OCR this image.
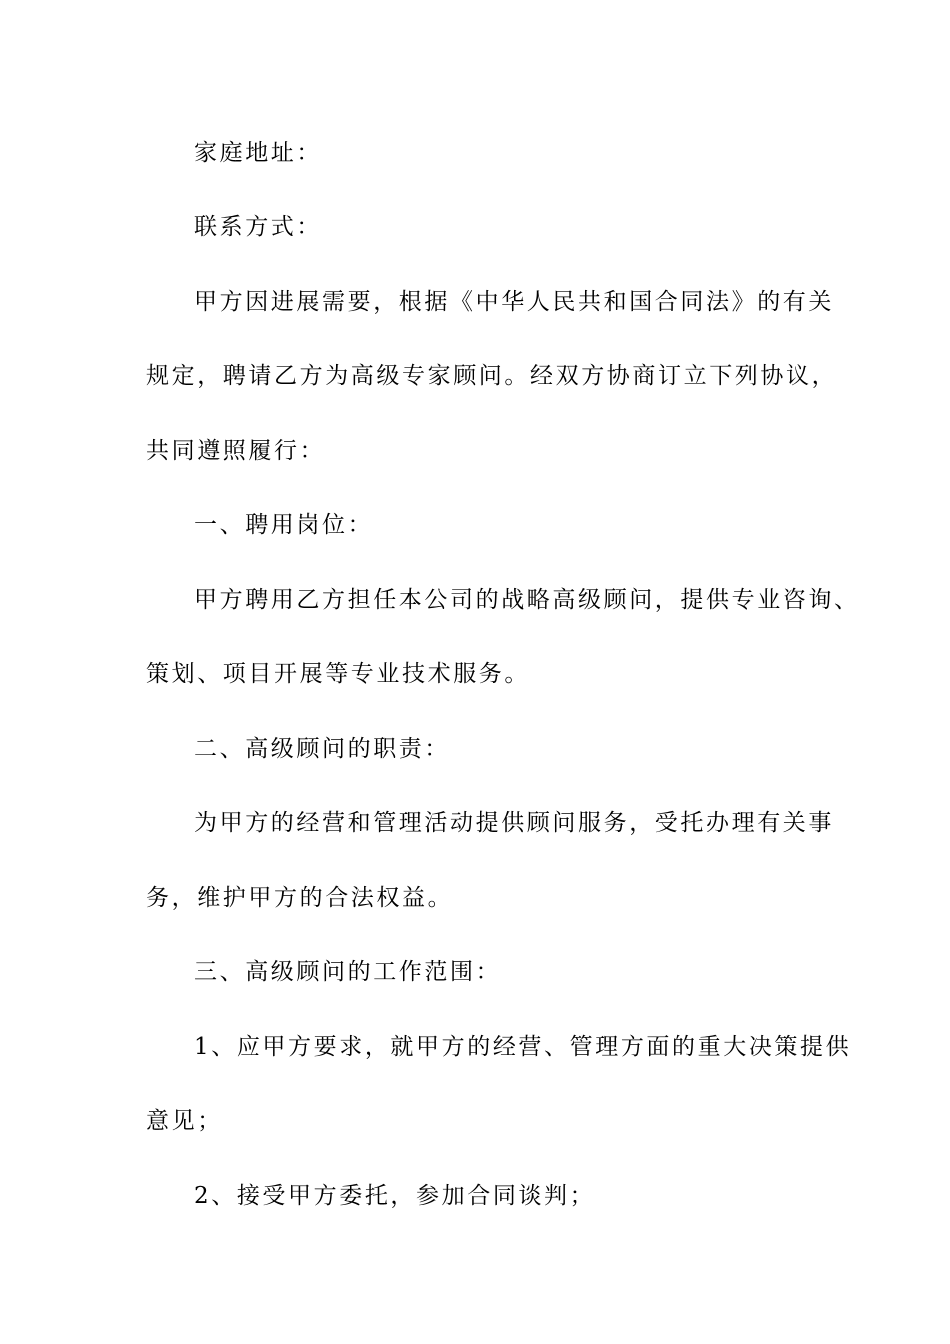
家庭地址：
联系方式：
甲方因进展需要，根据《中华人民共和国合同法》的有关
规定，聘请乙方为高级专家顾问。经双方协商订立下列协议，
共同遵照履行：
一、聘用岗位：
甲方聘用乙方担任本公司的战略高级顾问，提供专业咨询、
策划、项目开展等专业技术服务。
二、高级顾问的职责：
为甲方的经营和管理活动提供顾问服务，受托办理有关事
务，维护甲方的合法权益。
三、高级顾问的工作范围：
1、应甲方要求，就甲方的经营、管理方面的重大决策提供
意见；
2、接受甲方委托，参加合同谈判；
